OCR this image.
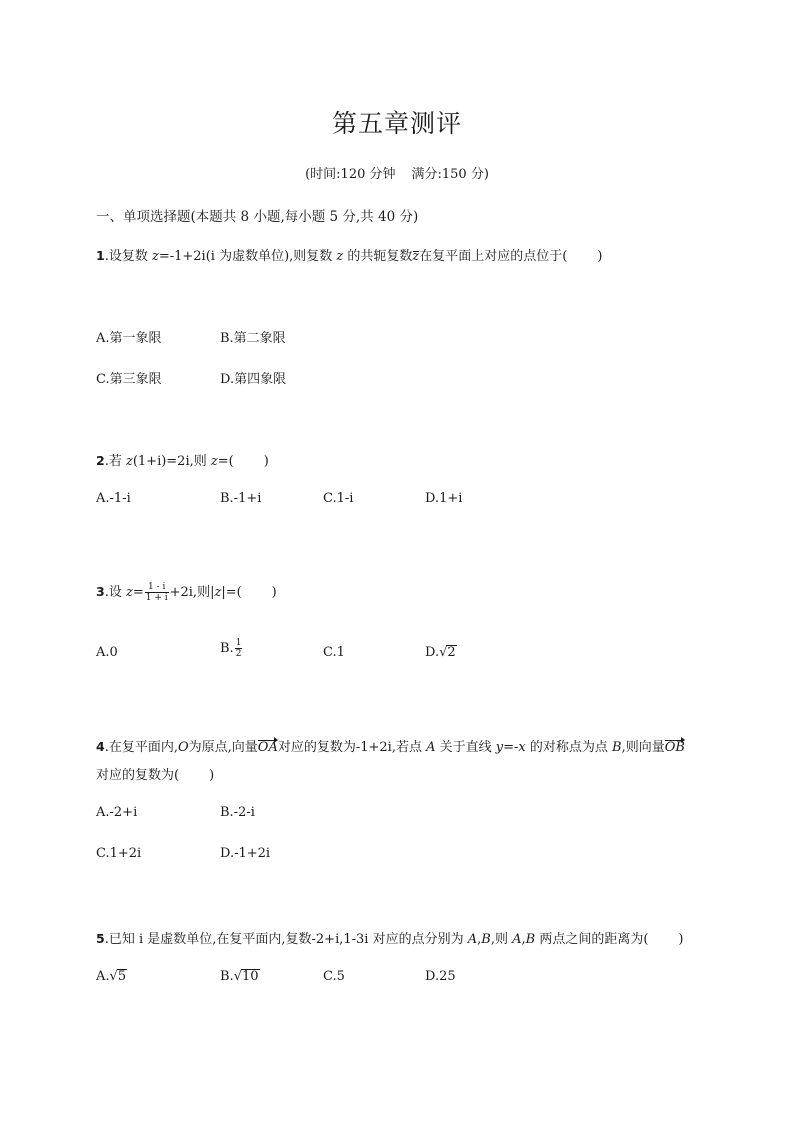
第五章测评
(时间:120 分钟 满分:150 分)
一、单项选择题(本题共 8 小题,每小题 5 分,共 40 分)
1.设复数 z=-1+2i(i 为虚数单位),则复数 z 的共轭复数z在复平面上对应的点位于( )
A.第一象限	B.第二象限
C.第三象限	D.第四象限
2.若 z(1+i)=2i,则 z=( )
A.-1-i	B.-1+i	C.1-i	D.1+i
3.设 $z= \frac{1 - i}{1 + i} +2i$,则|z|=( )
A.0	B. $\frac{1}{2}$	C.1	D.√2
4.在复平面内,O为原点,向量OA对应的复数为-1+2i,若点 A 关于直线 y=-x 的对称点为点 B,则向量OB
对应的复数为( )
A.-2+i	B.-2-i
C.1+2i	D.-1+2i
5.已知 i 是虚数单位,在复平面内,复数-2+i,1-3i 对应的点分别为 A,B,则 A,B 两点之间的距离为( )
A.√5	B.√10	C.5	D.25
